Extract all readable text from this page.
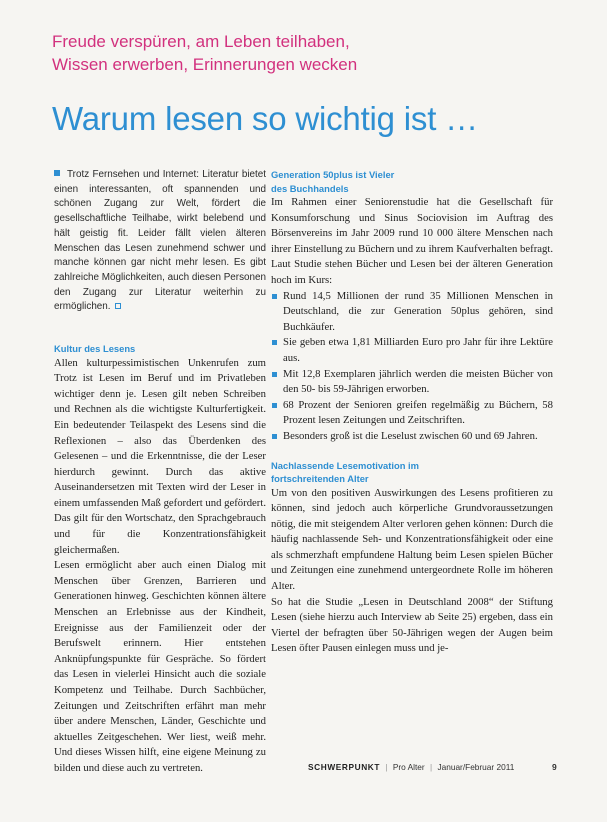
Freude verspüren, am Leben teilhaben,
Wissen erwerben, Erinnerungen wecken
Warum lesen so wichtig ist …

Trotz Fernsehen und Internet: Literatur bietet einen interessanten, oft spannenden und schönen Zugang zur Welt, fördert die gesellschaftliche Teilhabe, wirkt belebend und hält geistig fit. Leider fällt vielen älteren Menschen das Lesen zunehmend schwer und manche können gar nicht mehr lesen. Es gibt zahlreiche Möglichkeiten, auch diesen Personen den Zugang zur Literatur weiterhin zu ermöglichen.

Kultur des Lesens

Allen kulturpessimistischen Unkenrufen zum Trotz ist Lesen im Beruf und im Privatleben wichtiger denn je. Lesen gilt neben Schreiben und Rechnen als die wichtigste Kulturfertigkeit. Ein bedeutender Teilaspekt des Lesens sind die Reflexionen – also das Überdenken des Gelesenen – und die Erkenntnisse, die der Leser hierdurch gewinnt. Durch das aktive Auseinandersetzen mit Texten wird der Leser in einem umfassenden Maß gefordert und gefördert. Das gilt für den Wortschatz, den Sprachgebrauch und für die Konzentrationsfähigkeit gleichermaßen.

Lesen ermöglicht aber auch einen Dialog mit Menschen über Grenzen, Barrieren und Generationen hinweg. Geschichten können ältere Menschen an Erlebnisse aus der Kindheit, Ereignisse aus der Familienzeit oder der Berufswelt erinnern. Hier entstehen Anknüpfungspunkte für Gespräche. So fördert das Lesen in vielerlei Hinsicht auch die soziale Kompetenz und Teilhabe. Durch Sachbücher, Zeitungen und Zeitschriften erfährt man mehr über andere Menschen, Länder, Geschichte und aktuelles Zeitgeschehen. Wer liest, weiß mehr. Und dieses Wissen hilft, eine eigene Meinung zu bilden und diese auch zu vertreten.

Generation 50plus ist Vieler
des Buchhandels

Im Rahmen einer Seniorenstudie hat die Gesellschaft für Konsumforschung und Sinus Sociovision im Auftrag des Börsenvereins im Jahr 2009 rund 10 000 ältere Menschen nach ihrer Einstellung zu Büchern und zu ihrem Kaufverhalten befragt. Laut Studie stehen Bücher und Lesen bei der älteren Generation hoch im Kurs:

Rund 14,5 Millionen der rund 35 Millionen Menschen in Deutschland, die zur Generation 50plus gehören, sind Buchkäufer.
Sie geben etwa 1,81 Milliarden Euro pro Jahr für ihre Lektüre aus.
Mit 12,8 Exemplaren jährlich werden die meisten Bücher von den 50- bis 59-Jährigen erworben.
68 Prozent der Senioren greifen regelmäßig zu Büchern, 58 Prozent lesen Zeitungen und Zeitschriften.
Besonders groß ist die Leselust zwischen 60 und 69 Jahren.

Nachlassende Lesemotivation im
fortschreitenden Alter

Um von den positiven Auswirkungen des Lesens profitieren zu können, sind jedoch auch körperliche Grundvoraussetzungen nötig, die mit steigendem Alter verloren gehen können: Durch die häufig nachlassende Seh- und Konzentrationsfähigkeit oder eine als schmerzhaft empfundene Haltung beim Lesen spielen Bücher und Zeitungen eine zunehmend untergeordnete Rolle im höheren Alter.

So hat die Studie „Lesen in Deutschland 2008“ der Stiftung Lesen (siehe hierzu auch Interview ab Seite 25) ergeben, dass ein Viertel der befragten über 50-Jährigen wegen der Augen beim Lesen öfter Pausen einlegen muss und je-

SCHWERPUNKT | Pro Alter | Januar/Februar 2011	9
